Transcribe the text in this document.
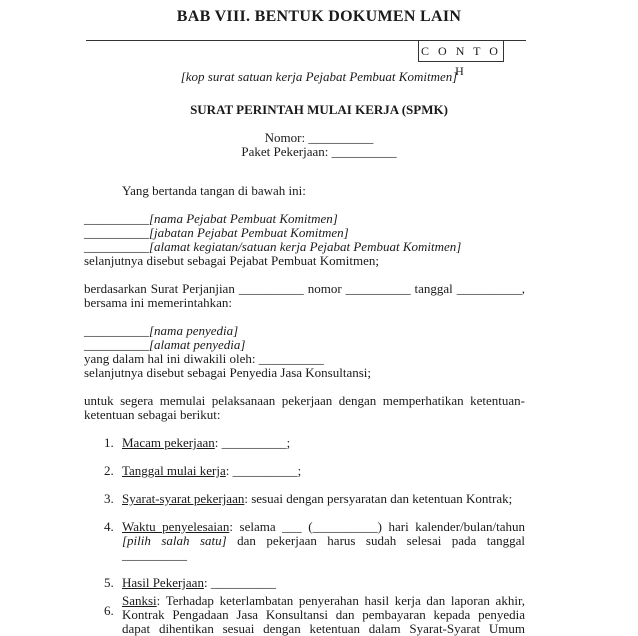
BAB VIII. BENTUK DOKUMEN LAIN
C O N T O H
[kop surat satuan kerja Pejabat Pembuat Komitmen]
SURAT PERINTAH MULAI KERJA (SPMK)
Nomor: __________
Paket Pekerjaan: __________
Yang bertanda tangan di bawah ini:
__________[nama Pejabat Pembuat Komitmen]
__________[jabatan Pejabat Pembuat Komitmen]
__________[alamat kegiatan/satuan kerja Pejabat Pembuat Komitmen]
selanjutnya disebut sebagai Pejabat Pembuat Komitmen;
berdasarkan Surat Perjanjian __________ nomor __________ tanggal __________,
bersama ini memerintahkan:
__________[nama penyedia]
__________[alamat penyedia]
yang dalam hal ini diwakili oleh: __________
selanjutnya disebut sebagai Penyedia Jasa Konsultansi;
untuk segera memulai pelaksanaan pekerjaan dengan memperhatikan ketentuan-
ketentuan sebagai berikut:
1. Macam pekerjaan: __________;
2. Tanggal mulai kerja: __________;
3. Syarat-syarat pekerjaan: sesuai dengan persyaratan dan ketentuan Kontrak;
4. Waktu penyelesaian: selama ___ (__________) hari kalender/bulan/tahun
[pilih salah satu] dan pekerjaan harus sudah selesai pada tanggal
__________
5. Hasil Pekerjaan: __________
6.
Sanksi: Terhadap keterlambatan penyerahan hasil kerja dan laporan akhir,
Kontrak Pengadaan Jasa Konsultansi dan pembayaran kepada penyedia
dapat dihentikan sesuai dengan ketentuan dalam Syarat-Syarat Umum
